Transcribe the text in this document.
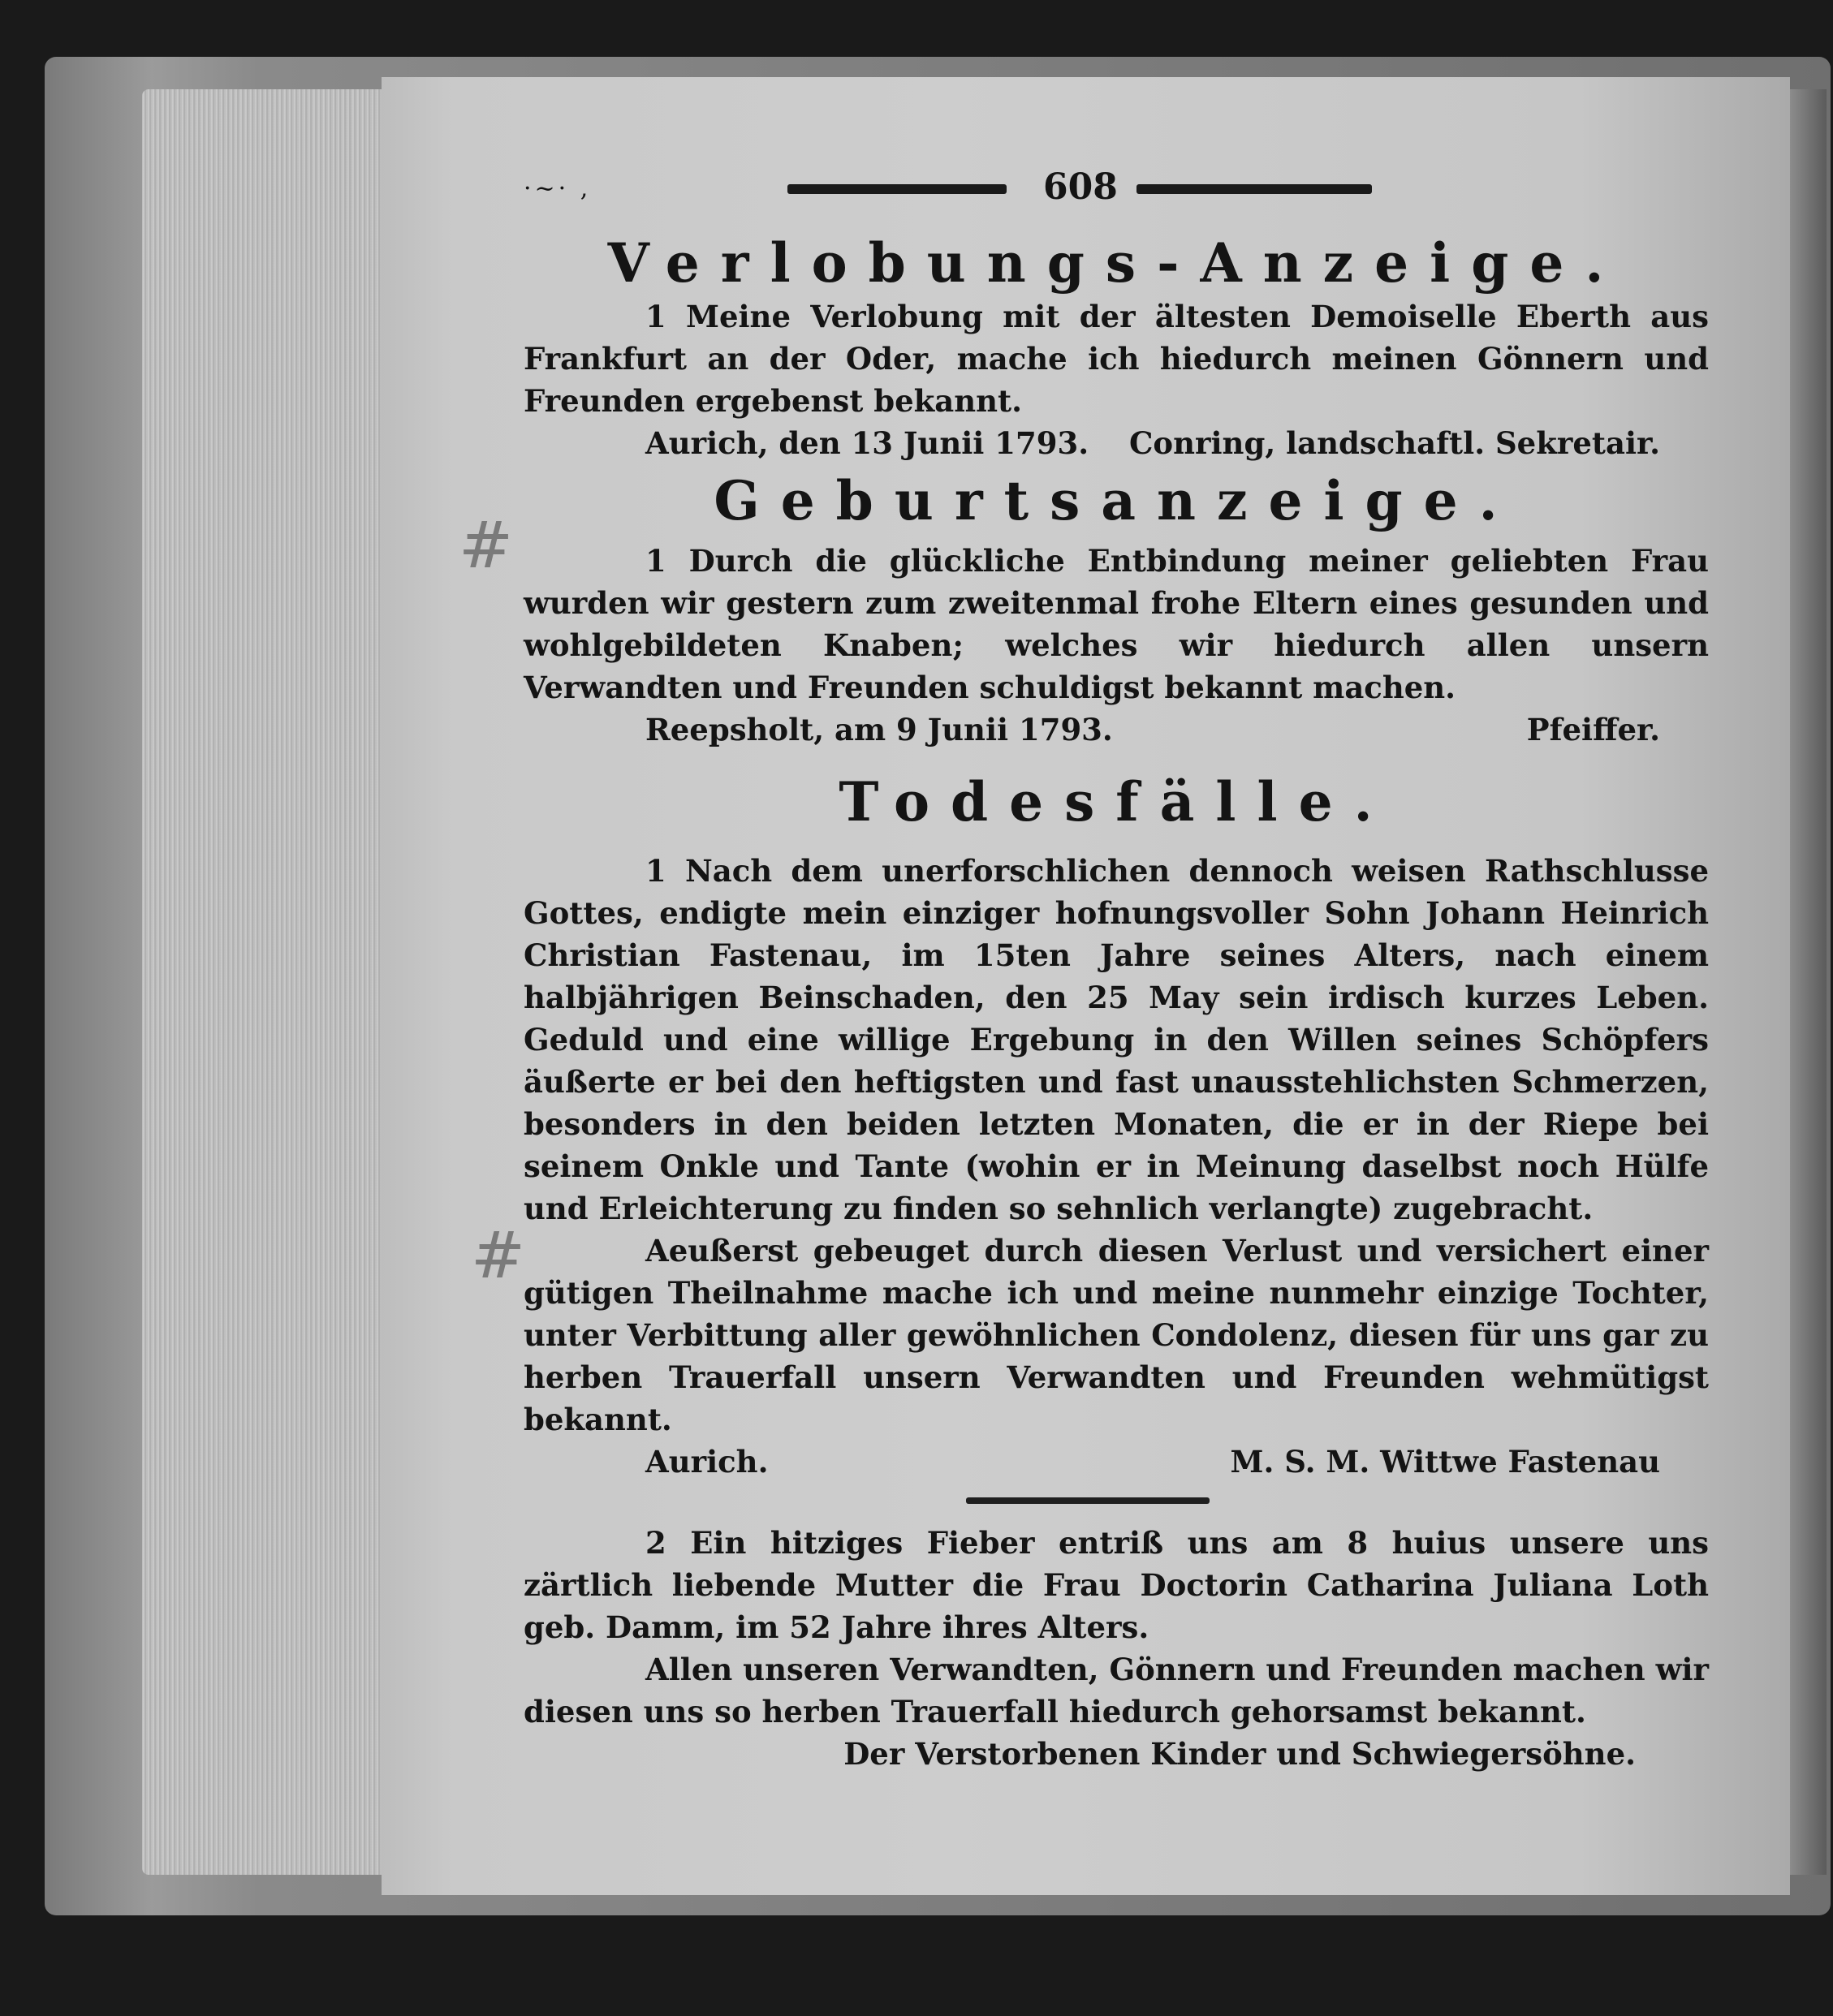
·~· ,	608
#
#
Verlobungs-Anzeige.

1 Meine Verlobung mit der ältesten Demoiselle Eberth aus Frankfurt an der Oder, mache ich hiedurch meinen Gönnern und Freunden ergebenst bekannt.

Aurich, den 13 Junii 1793. Conring, landschaftl. Sekretair.
Geburtsanzeige.

1 Durch die glückliche Entbindung meiner geliebten Frau wurden wir gestern zum zweitenmal frohe Eltern eines gesunden und wohlgebildeten Knaben; welches wir hiedurch allen unsern Verwandten und Freunden schuldigst bekannt machen.

Reepsholt, am 9 Junii 1793.	Pfeiffer.
Todesfälle.

1 Nach dem unerforschlichen dennoch weisen Rathschlusse Gottes, endigte mein einziger hofnungsvoller Sohn Johann Heinrich Christian Fastenau, im 15ten Jahre seines Alters, nach einem halbjährigen Beinschaden, den 25 May sein irdisch kurzes Leben. Geduld und eine willige Ergebung in den Willen seines Schöpfers äußerte er bei den heftigsten und fast unausstehlichsten Schmerzen, besonders in den beiden letzten Monaten, die er in der Riepe bei seinem Onkle und Tante (wohin er in Meinung daselbst noch Hülfe und Erleichterung zu finden so sehnlich verlangte) zugebracht.

Aeußerst gebeuget durch diesen Verlust und versichert einer gütigen Theilnahme mache ich und meine nunmehr einzige Tochter, unter Verbittung aller gewöhnlichen Condolenz, diesen für uns gar zu herben Trauerfall unsern Verwandten und Freunden wehmütigst bekannt.

Aurich.	M. S. M. Wittwe Fastenau

2 Ein hitziges Fieber entriß uns am 8 huius unsere uns zärtlich liebende Mutter die Frau Doctorin Catharina Juliana Loth geb. Damm, im 52 Jahre ihres Alters.

Allen unseren Verwandten, Gönnern und Freunden machen wir diesen uns so herben Trauerfall hiedurch gehorsamst bekannt.

Der Verstorbenen Kinder und Schwiegersöhne.
